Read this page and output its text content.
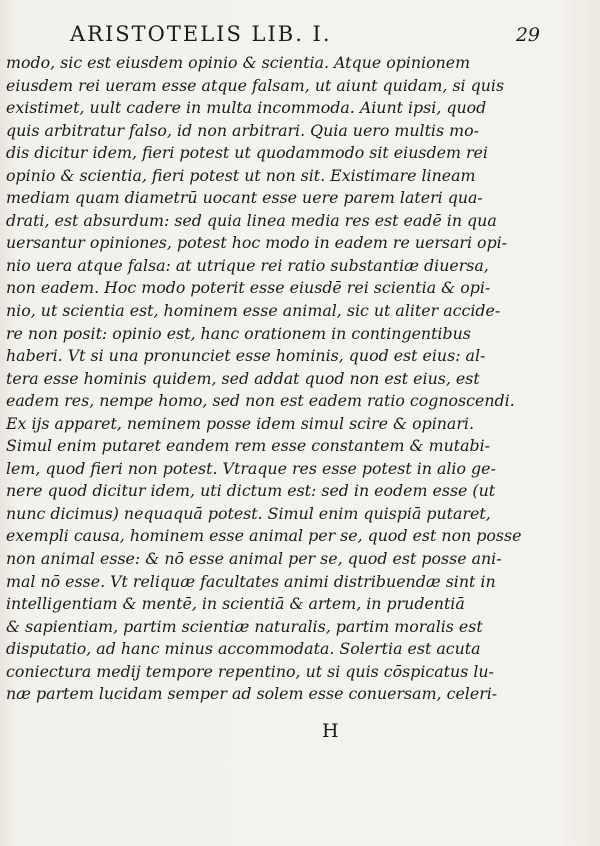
ARISTOTELIS LIB. I.	29
modo, sic est eiusdem opinio & scientia. Atque opinionem
eiusdem rei ueram esse atque falsam, ut aiunt quidam, si quis
existimet, uult cadere in multa incommoda. Aiunt ipsi, quod
quis arbitratur falso, id non arbitrari. Quia uero multis mo-
dis dicitur idem, fieri potest ut quodammodo sit eiusdem rei
opinio & scientia, fieri potest ut non sit. Existimare lineam
mediam quam diametrū uocant esse uere parem lateri qua-
drati, est absurdum: sed quia linea media res est eadē in qua
uersantur opiniones, potest hoc modo in eadem re uersari opi-
nio uera atque falsa: at utrique rei ratio substantiæ diuersa,
non eadem. Hoc modo poterit esse eiusdē rei scientia & opi-
nio, ut scientia est, hominem esse animal, sic ut aliter accide-
re non posit: opinio est, hanc orationem in contingentibus
haberi. Vt si una pronunciet esse hominis, quod est eius: al-
tera esse hominis quidem, sed addat quod non est eius, est
eadem res, nempe homo, sed non est eadem ratio cognoscendi.
Ex ijs apparet, neminem posse idem simul scire & opinari.
Simul enim putaret eandem rem esse constantem & mutabi-
lem, quod fieri non potest. Vtraque res esse potest in alio ge-
nere quod dicitur idem, uti dictum est: sed in eodem esse (ut
nunc dicimus) nequaquā potest. Simul enim quispiā putaret,
exempli causa, hominem esse animal per se, quod est non posse
non animal esse: & nō esse animal per se, quod est posse ani-
mal nō esse. Vt reliquæ facultates animi distribuendæ sint in
intelligentiam & mentē, in scientiā & artem, in prudentiā
& sapientiam, partim scientiæ naturalis, partim moralis est
disputatio, ad hanc minus accommodata. Solertia est acuta
coniectura medij tempore repentino, ut si quis cōspicatus lu-
næ partem lucidam semper ad solem esse conuersam, celeri-
H
